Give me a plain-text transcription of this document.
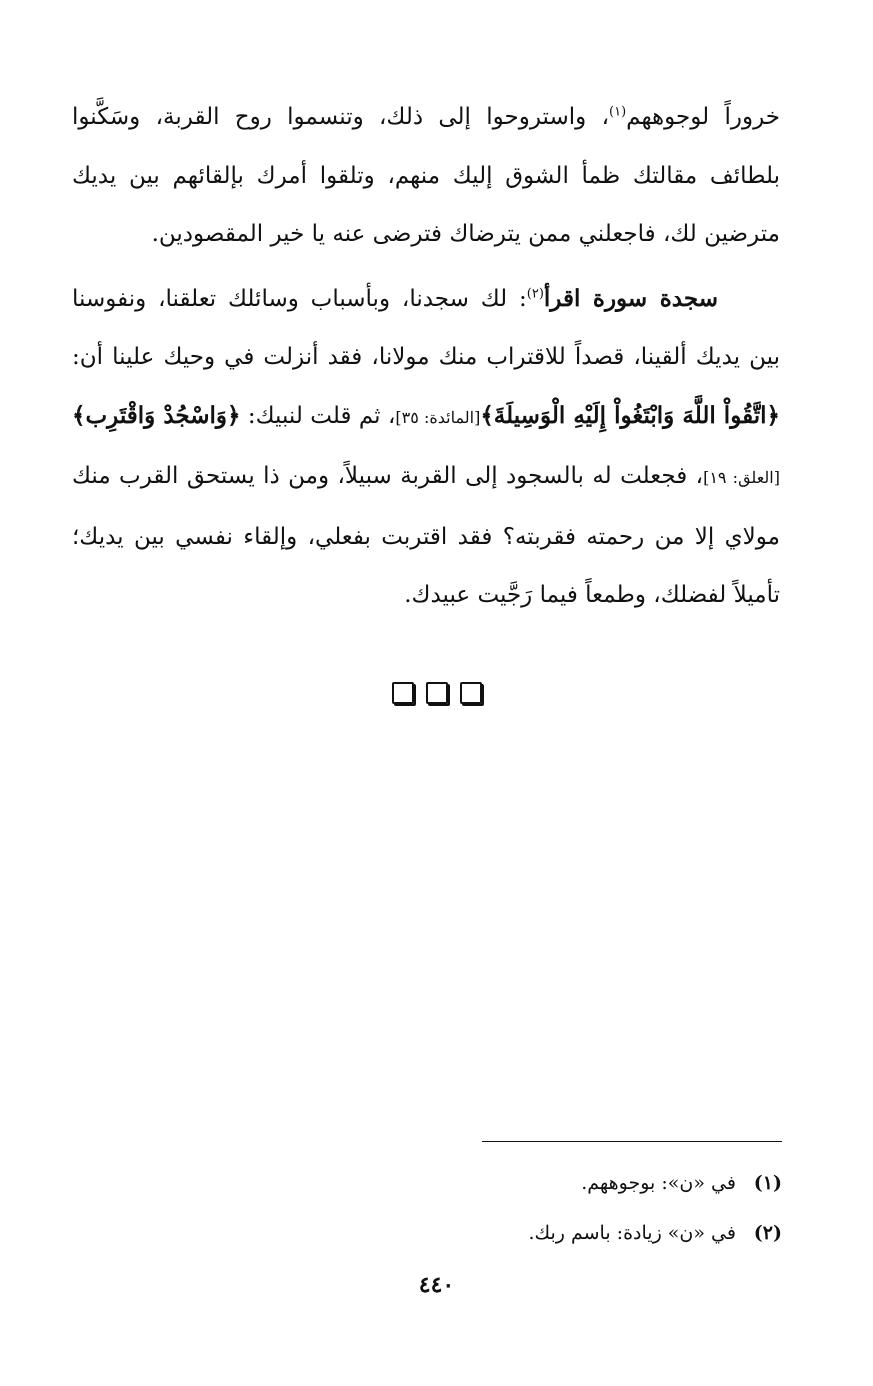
خروراً لوجوههم$^{(١)}$، واستروحوا إلى ذلك، وتنسموا روح القربة، وسَكَّنوا بلطائف مقالتك ظمأ الشوق إليك منهم، وتلقوا أمرك بإلقائهم بين يديك مترضين لك، فاجعلني ممن يترضاك فترضى عنه يا خير المقصودين.

سجدة سورة اقرأ$^{(٢)}$: لك سجدنا، وبأسباب وسائلك تعلقنا، ونفوسنا بين يديك ألقينا، قصداً للاقتراب منك مولانا، فقد أنزلت في وحيك علينا أن: ﴿اتَّقُواْ اللَّهَ وَابْتَغُواْ إِلَيْهِ الْوَسِيلَةَ﴾[المائدة: ٣٥]، ثم قلت لنبيك: ﴿وَاسْجُدْ وَاقْتَرِب﴾[العلق: ١٩]، فجعلت له بالسجود إلى القربة سبيلاً، ومن ذا يستحق القرب منك مولاي إلا من رحمته فقربته؟ فقد اقتربت بفعلي، وإلقاء نفسي بين يديك؛ تأميلاً لفضلك، وطمعاً فيما رَجَّيت عبيدك.

(١) في «ن»: بوجوههم.

(٢) في «ن» زيادة: باسم ربك.

٤٤٠
